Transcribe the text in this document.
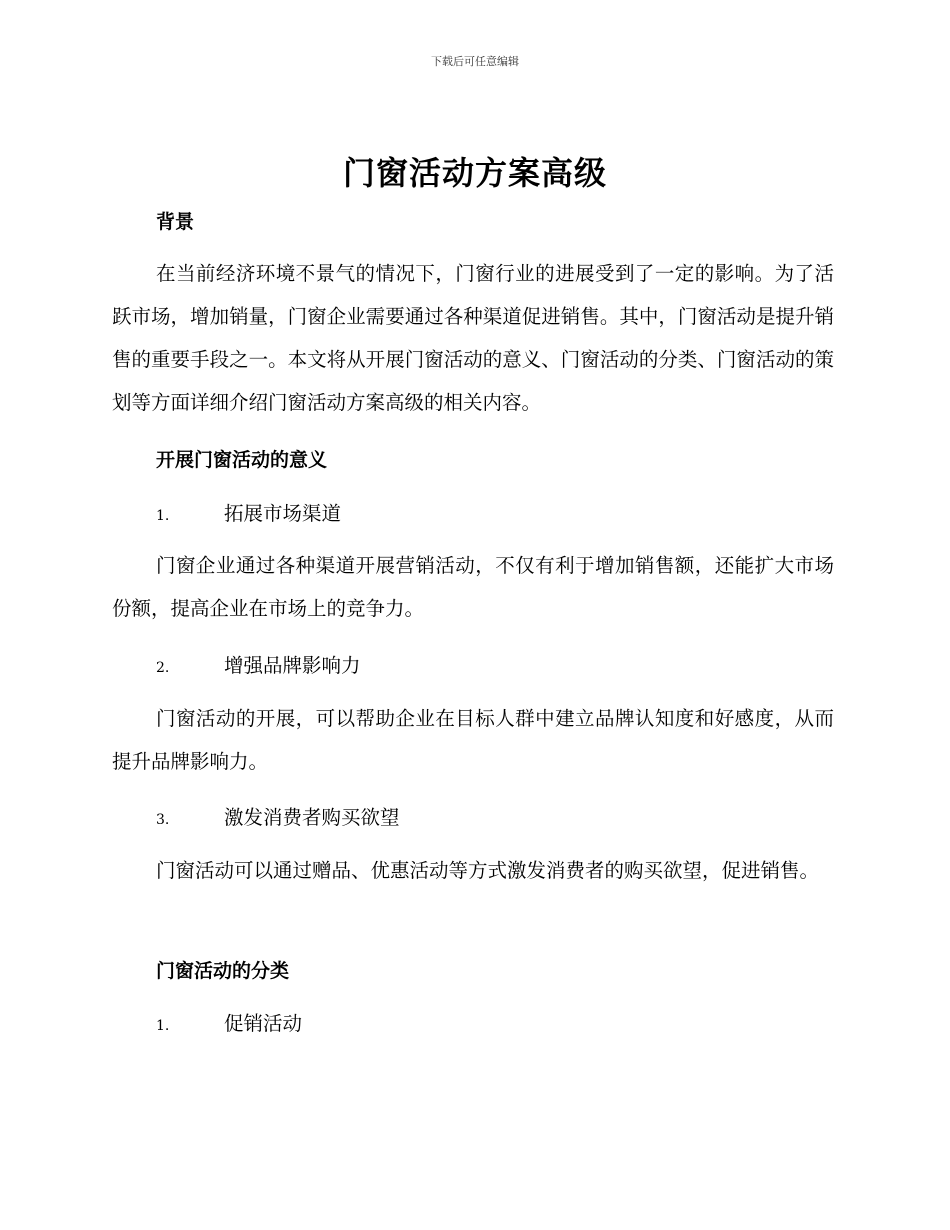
下载后可任意编辑
门窗活动方案高级
背景

在当前经济环境不景气的情况下，门窗行业的进展受到了一定的影响。为了活跃市场，增加销量，门窗企业需要通过各种渠道促进销售。其中，门窗活动是提升销售的重要手段之一。本文将从开展门窗活动的意义、门窗活动的分类、门窗活动的策划等方面详细介绍门窗活动方案高级的相关内容。

开展门窗活动的意义
1.	拓展市场渠道

门窗企业通过各种渠道开展营销活动，不仅有利于增加销售额，还能扩大市场份额，提高企业在市场上的竞争力。

2.	增强品牌影响力

门窗活动的开展，可以帮助企业在目标人群中建立品牌认知度和好感度，从而提升品牌影响力。

3.	激发消费者购买欲望

门窗活动可以通过赠品、优惠活动等方式激发消费者的购买欲望，促进销售。

门窗活动的分类
1.	促销活动
